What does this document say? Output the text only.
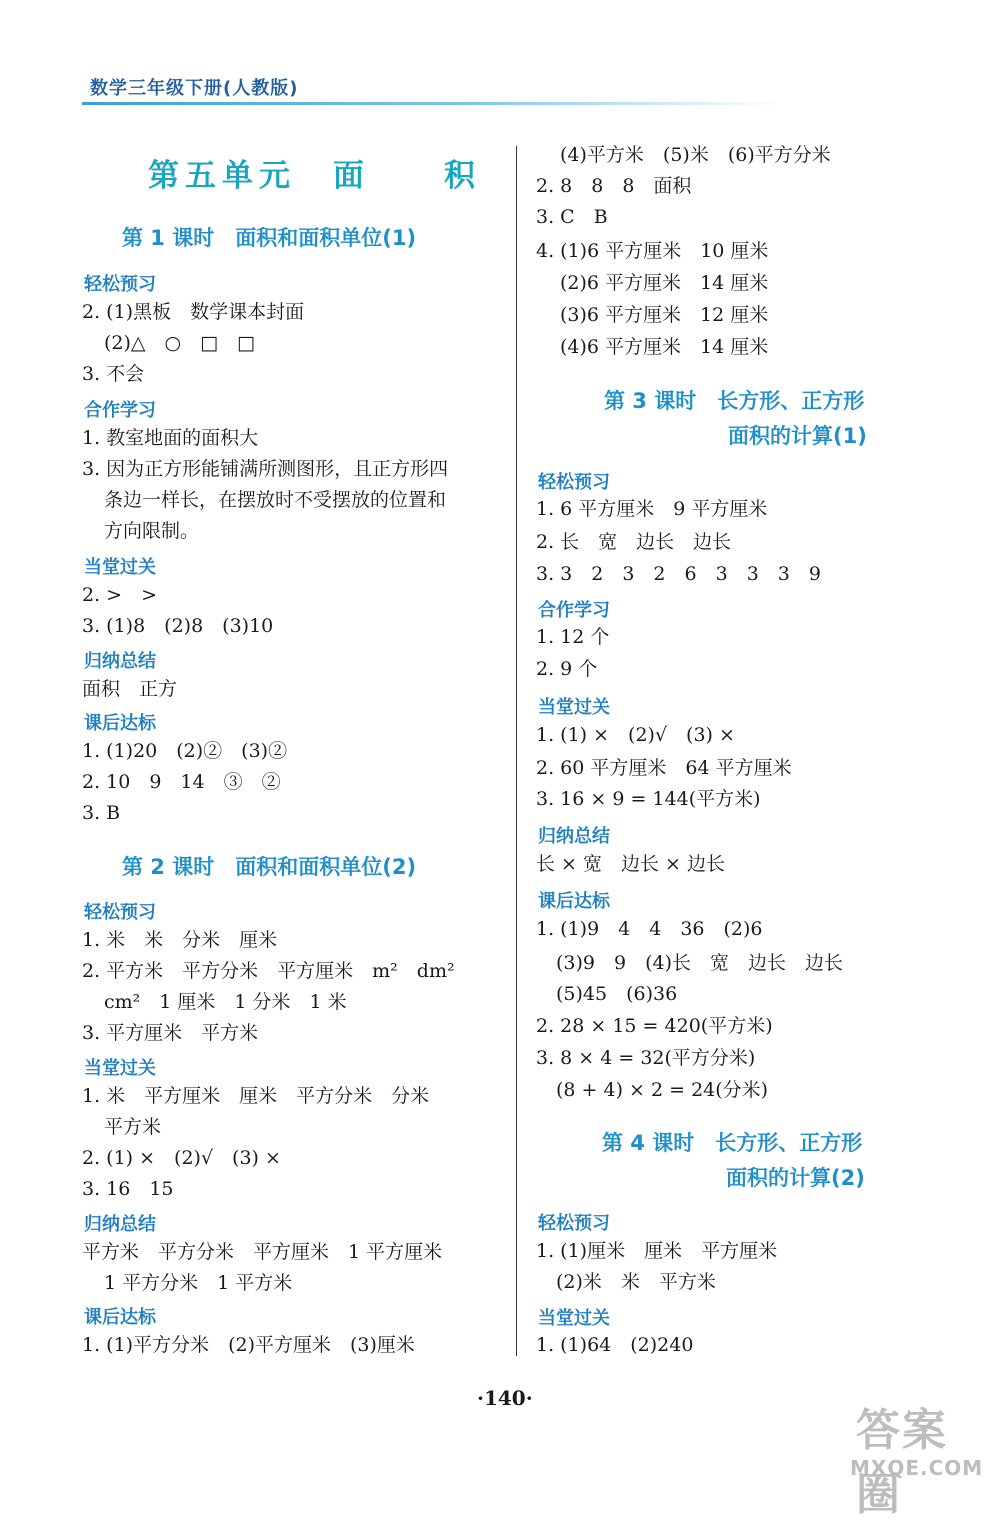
数学三年级下册(人教版)
第五单元　面　　积
第 1 课时　面积和面积单位(1)
轻松预习
2. (1)黑板　数学课本封面
(2)△　○　□　□
3. 不会
合作学习
1. 教室地面的面积大
3. 因为正方形能铺满所测图形，且正方形四
条边一样长，在摆放时不受摆放的位置和
方向限制。
当堂过关
2. >　>
3. (1)8　(2)8　(3)10
归纳总结
面积　正方
课后达标
1. (1)20　(2)②　(3)②
2. 10　9　14　③　②
3. B
第 2 课时　面积和面积单位(2)
轻松预习
1. 米　米　分米　厘米
2. 平方米　平方分米　平方厘米　m²　dm²
cm²　1 厘米　1 分米　1 米
3. 平方厘米　平方米
当堂过关
1. 米　平方厘米　厘米　平方分米　分米
平方米
2. (1) ×　(2)√　(3) ×
3. 16　15
归纳总结
平方米　平方分米　平方厘米　1 平方厘米
1 平方分米　1 平方米
课后达标
1. (1)平方分米　(2)平方厘米　(3)厘米
(4)平方米　(5)米　(6)平方分米
2. 8　8　8　面积
3. C　B
4. (1)6 平方厘米　10 厘米
(2)6 平方厘米　14 厘米
(3)6 平方厘米　12 厘米
(4)6 平方厘米　14 厘米
第 3 课时　长方形、正方形
面积的计算(1)
轻松预习
1. 6 平方厘米　9 平方厘米
2. 长　宽　边长　边长
3. 3　2　3　2　6　3　3　3　9
合作学习
1. 12 个
2. 9 个
当堂过关
1. (1) ×　(2)√　(3) ×
2. 60 平方厘米　64 平方厘米
3. 16 × 9 = 144(平方米)
归纳总结
长 × 宽　边长 × 边长
课后达标
1. (1)9　4　4　36　(2)6
(3)9　9　(4)长　宽　边长　边长
(5)45　(6)36
2. 28 × 15 = 420(平方米)
3. 8 × 4 = 32(平方分米)
(8 + 4) × 2 = 24(分米)
第 4 课时　长方形、正方形
面积的计算(2)
轻松预习
1. (1)厘米　厘米　平方厘米
(2)米　米　平方米
当堂过关
1. (1)64　(2)240
·140·
答案圈
MXQE.COM
